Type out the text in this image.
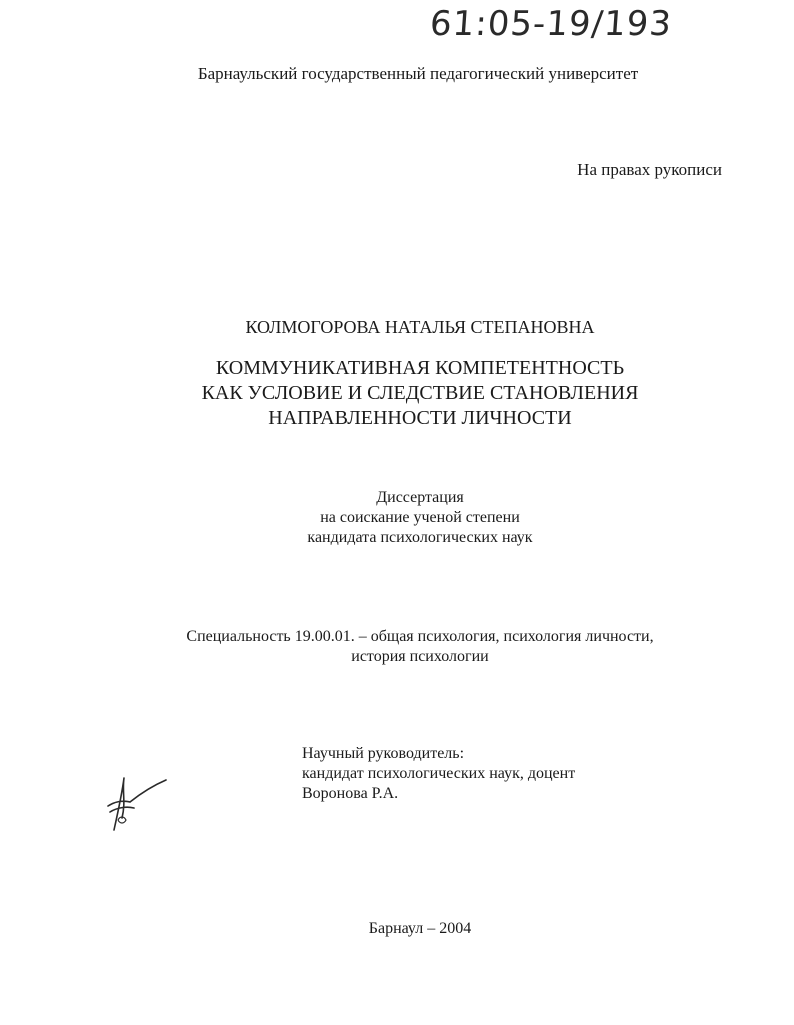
61:05-19/193
Барнаульский государственный педагогический университет
На правах рукописи
КОЛМОГОРОВА НАТАЛЬЯ СТЕПАНОВНА
КОММУНИКАТИВНАЯ КОМПЕТЕНТНОСТЬ
КАК УСЛОВИЕ И СЛЕДСТВИЕ СТАНОВЛЕНИЯ
НАПРАВЛЕННОСТИ ЛИЧНОСТИ
Диссертация
на соискание ученой степени
кандидата психологических наук
Специальность 19.00.01. – общая психология, психология личности,
история психологии
Научный руководитель:
кандидат психологических наук, доцент
Воронова Р.А.
Барнаул – 2004
